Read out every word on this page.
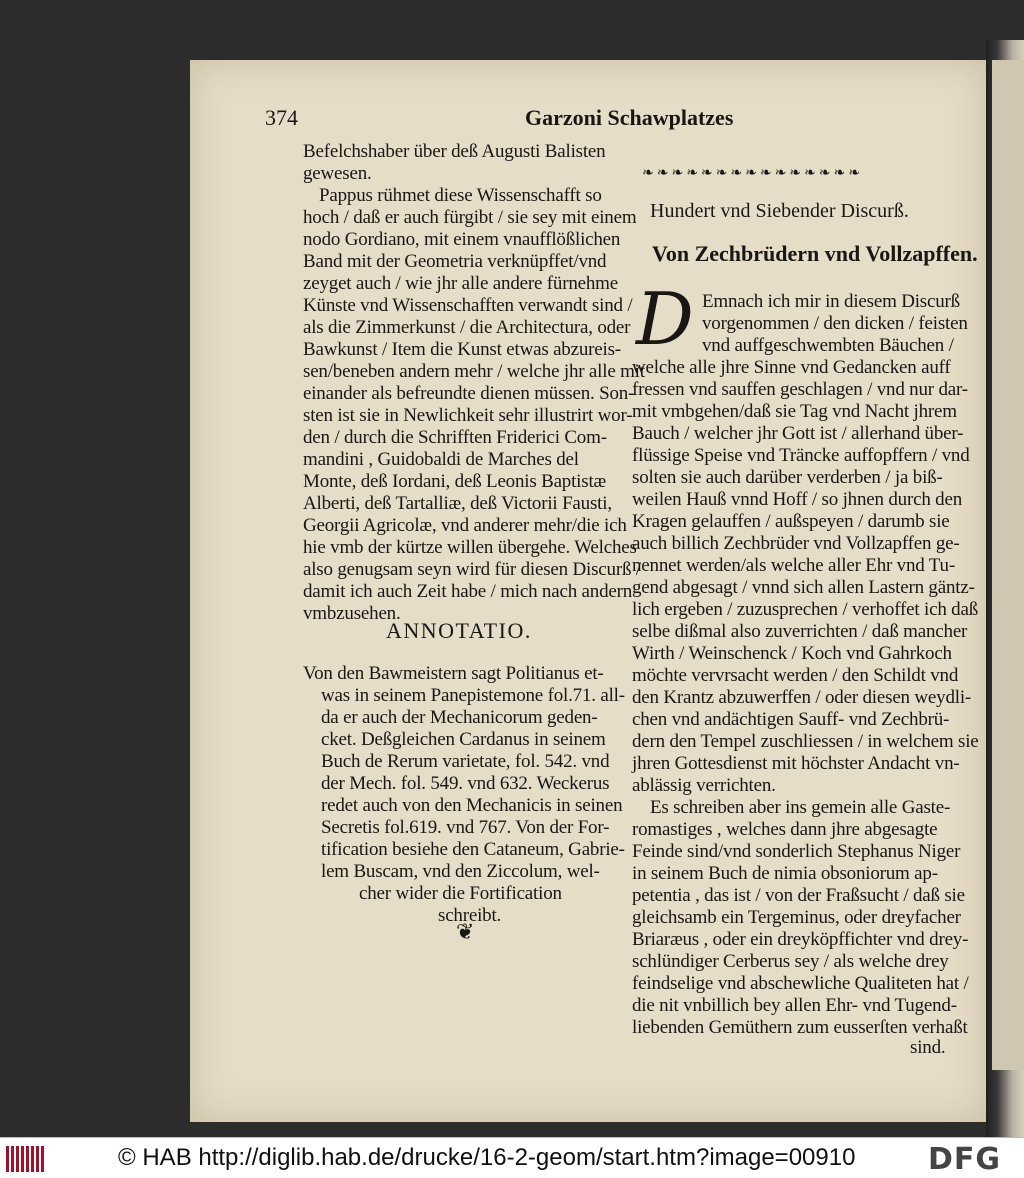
374	Garzoni Schawplatzes
Befelchshaber über deß Augusti Balisten
gewesen.
Pappus rühmet diese Wissenschafft so
hoch / daß er auch fürgibt / sie sey mit einem
nodo Gordiano, mit einem vnaufflößlichen
Band mit der Geometria verknüpffet/vnd
zeyget auch / wie jhr alle andere fürnehme
Künste vnd Wissenschafften verwandt sind /
als die Zimmerkunst / die Architectura, oder
Bawkunst / Item die Kunst etwas abzureis-
sen/beneben andern mehr / welche jhr alle mit
einander als befreundte dienen müssen. Son-
sten ist sie in Newlichkeit sehr illustrirt wor-
den / durch die Schrifften Friderici Com-
mandini , Guidobaldi de Marches del
Monte, deß Iordani, deß Leonis Baptistæ
Alberti, deß Tartalliæ, deß Victorii Fausti,
Georgii Agricolæ, vnd anderer mehr/die ich
hie vmb der kürtze willen übergehe. Welches
also genugsam seyn wird für diesen Discurß /
damit ich auch Zeit habe / mich nach andern
vmbzusehen.
ANNOTATIO.
Von den Bawmeistern sagt Politianus et-
was in seinem Panepistemone fol.71. all-
da er auch der Mechanicorum geden-
cket. Deßgleichen Cardanus in seinem
Buch de Rerum varietate, fol. 542. vnd
der Mech. fol. 549. vnd 632. Weckerus
redet auch von den Mechanicis in seinen
Secretis fol.619. vnd 767. Von der For-
tification besiehe den Cataneum, Gabrie-
lem Buscam, vnd den Ziccolum, wel-
cher wider die Fortification
schreibt.
❦
❧❧❧❧❧❧❧❧❧❧❧❧❧❧❧
Hundert vnd Siebender Discurß.
Von Zechbrüdern vnd Vollzapffen.
D Emnach ich mir in diesem Discurß
vorgenommen / den dicken / feisten
vnd auffgeschwembten Bäuchen /
welche alle jhre Sinne vnd Gedancken auff
fressen vnd sauffen geschlagen / vnd nur dar-
mit vmbgehen/daß sie Tag vnd Nacht jhrem
Bauch / welcher jhr Gott ist / allerhand über-
flüssige Speise vnd Träncke auffopffern / vnd
solten sie auch darüber verderben / ja biß-
weilen Hauß vnnd Hoff / so jhnen durch den
Kragen gelauffen / außspeyen / darumb sie
auch billich Zechbrüder vnd Vollzapffen ge-
nennet werden/als welche aller Ehr vnd Tu-
gend abgesagt / vnnd sich allen Lastern gäntz-
lich ergeben / zuzusprechen / verhoffet ich daß
selbe dißmal also zuverrichten / daß mancher
Wirth / Weinschenck / Koch vnd Gahrkoch
möchte vervrsacht werden / den Schildt vnd
den Krantz abzuwerffen / oder diesen weydli-
chen vnd andächtigen Sauff- vnd Zechbrü-
dern den Tempel zuschliessen / in welchem sie
jhren Gottesdienst mit höchster Andacht vn-
ablässig verrichten.
Es schreiben aber ins gemein alle Gaste-
romastiges , welches dann jhre abgesagte
Feinde sind/vnd sonderlich Stephanus Niger
in seinem Buch de nimia obsoniorum ap-
petentia , das ist / von der Fraßsucht / daß sie
gleichsamb ein Tergeminus, oder dreyfacher
Briaræus , oder ein dreyköpffichter vnd drey-
schlündiger Cerberus sey / als welche drey
feindselige vnd abschewliche Qualiteten hat /
die nit vnbillich bey allen Ehr- vnd Tugend-
liebenden Gemüthern zum eusserſten verhaßt
sind.
© HAB http://diglib.hab.de/drucke/16-2-geom/start.htm?image=00910 DFG
